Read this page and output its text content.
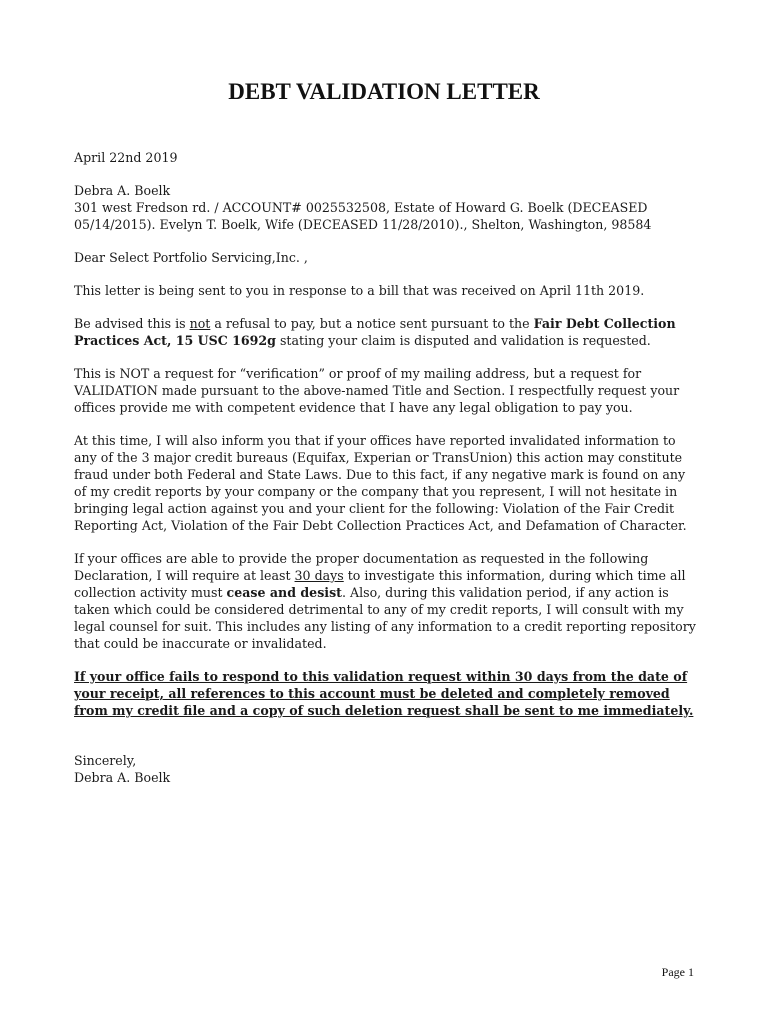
DEBT VALIDATION LETTER

April 22nd 2019

Debra A. Boelk
301 west Fredson rd. / ACCOUNT# 0025532508, Estate of Howard G. Boelk (DECEASED 05/14/2015). Evelyn T. Boelk, Wife (DECEASED 11/28/2010)., Shelton, Washington, 98584

Dear Select Portfolio Servicing,Inc. ,

This letter is being sent to you in response to a bill that was received on April 11th 2019.

Be advised this is not a refusal to pay, but a notice sent pursuant to the Fair Debt Collection Practices Act, 15 USC 1692g stating your claim is disputed and validation is requested.

This is NOT a request for “verification” or proof of my mailing address, but a request for VALIDATION made pursuant to the above-named Title and Section. I respectfully request your offices provide me with competent evidence that I have any legal obligation to pay you.

At this time, I will also inform you that if your offices have reported invalidated information to any of the 3 major credit bureaus (Equifax, Experian or TransUnion) this action may constitute fraud under both Federal and State Laws. Due to this fact, if any negative mark is found on any of my credit reports by your company or the company that you represent, I will not hesitate in bringing legal action against you and your client for the following: Violation of the Fair Credit Reporting Act, Violation of the Fair Debt Collection Practices Act, and Defamation of Character.

If your offices are able to provide the proper documentation as requested in the following Declaration, I will require at least 30 days to investigate this information, during which time all collection activity must cease and desist. Also, during this validation period, if any action is taken which could be considered detrimental to any of my credit reports, I will consult with my legal counsel for suit. This includes any listing of any information to a credit reporting repository that could be inaccurate or invalidated.

If your office fails to respond to this validation request within 30 days from the date of your receipt, all references to this account must be deleted and completely removed from my credit file and a copy of such deletion request shall be sent to me immediately.

Sincerely,

Debra A. Boelk

Page 1
